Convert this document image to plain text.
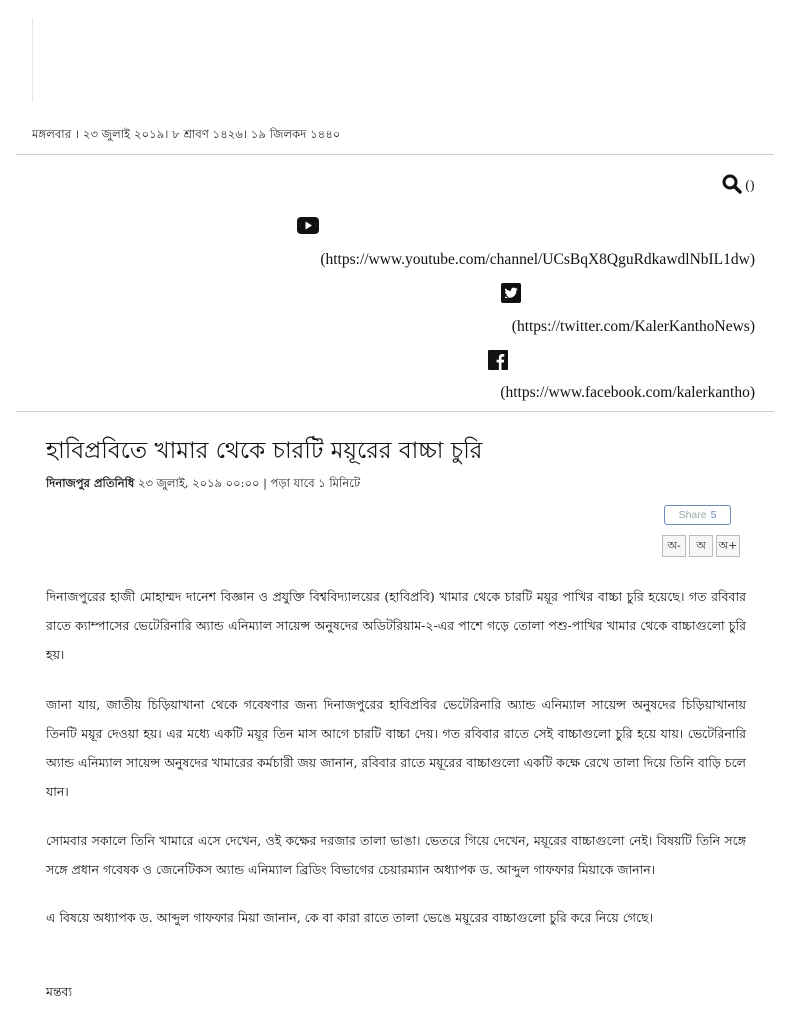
মঙ্গলবার । ২৩ জুলাই ২০১৯। ৮ শ্রাবণ ১৪২৬। ১৯ জিলকদ ১৪৪০
()
(https://www.youtube.com/channel/UCsBqX8QguRdkawdlNbIL1dw)
(https://twitter.com/KalerKanthoNews)
(https://www.facebook.com/kalerkantho)
হাবিপ্রবিতে খামার থেকে চারটি ময়ূরের বাচ্চা চুরি
দিনাজপুর প্রতিনিধি ২৩ জুলাই, ২০১৯ ০০:০০ | পড়া যাবে ১ মিনিটে
Share 5
অ-	অ	অ+

দিনাজপুরের হাজী মোহাম্মদ দানেশ বিজ্ঞান ও প্রযুক্তি বিশ্ববিদ্যালয়ের (হাবিপ্রবি) খামার থেকে চারটি ময়ূর পাখির বাচ্চা চুরি হয়েছে। গত রবিবার রাতে ক্যাম্পাসের ভেটেরিনারি অ্যান্ড এনিম্যাল সায়েন্স অনুষদের অডিটরিয়াম-২-এর পাশে গড়ে তোলা পশু-পাখির খামার থেকে বাচ্চাগুলো চুরি হয়।

জানা যায়, জাতীয় চিড়িয়াখানা থেকে গবেষণার জন্য দিনাজপুরের হাবিপ্রবির ভেটেরিনারি অ্যান্ড এনিম্যাল সায়েন্স অনুষদের চিড়িয়াখানায় তিনটি ময়ূর দেওয়া হয়। এর মধ্যে একটি ময়ূর তিন মাস আগে চারটি বাচ্চা দেয়। গত রবিবার রাতে সেই বাচ্চাগুলো চুরি হয়ে যায়। ভেটেরিনারি অ্যান্ড এনিম্যাল সায়েন্স অনুষদের খামারের কর্মচারী জয় জানান, রবিবার রাতে ময়ূরের বাচ্চাগুলো একটি কক্ষে রেখে তালা দিয়ে তিনি বাড়ি চলে যান।

সোমবার সকালে তিনি খামারে এসে দেখেন, ওই কক্ষের দরজার তালা ভাঙা। ভেতরে গিয়ে দেখেন, ময়ূরের বাচ্চাগুলো নেই। বিষয়টি তিনি সঙ্গে সঙ্গে প্রধান গবেষক ও জেনেটিকস অ্যান্ড এনিম্যাল ব্রিডিং বিভাগের চেয়ারম্যান অধ্যাপক ড. আব্দুল গাফফার মিয়াকে জানান।

এ বিষয়ে অধ্যাপক ড. আব্দুল গাফফার মিয়া জানান, কে বা কারা রাতে তালা ভেঙে ময়ূরের বাচ্চাগুলো চুরি করে নিয়ে গেছে।

মন্তব্য
